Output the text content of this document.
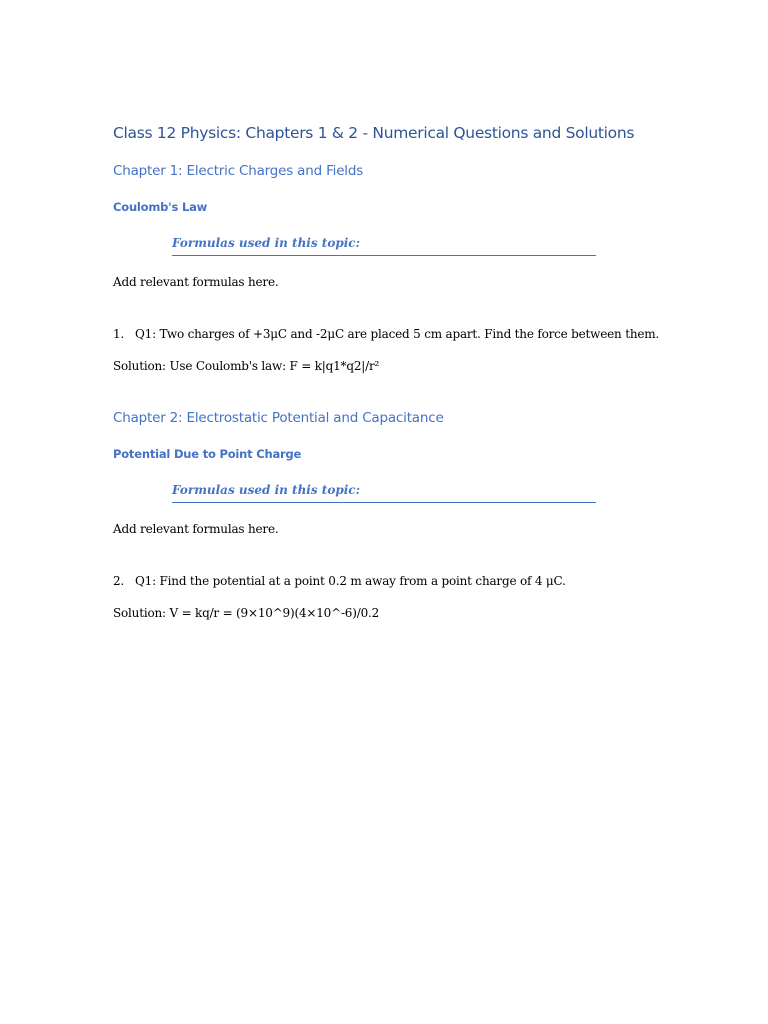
Class 12 Physics: Chapters 1 & 2 - Numerical Questions and Solutions
Chapter 1: Electric Charges and Fields
Coulomb's Law
Formulas used in this topic:
Add relevant formulas here.
1. Q1: Two charges of +3μC and -2μC are placed 5 cm apart. Find the force between them.
Solution: Use Coulomb's law: F = k|q1*q2|/r²
Chapter 2: Electrostatic Potential and Capacitance
Potential Due to Point Charge
Formulas used in this topic:
Add relevant formulas here.
2. Q1: Find the potential at a point 0.2 m away from a point charge of 4 μC.
Solution: V = kq/r = (9×10^9)(4×10^-6)/0.2
